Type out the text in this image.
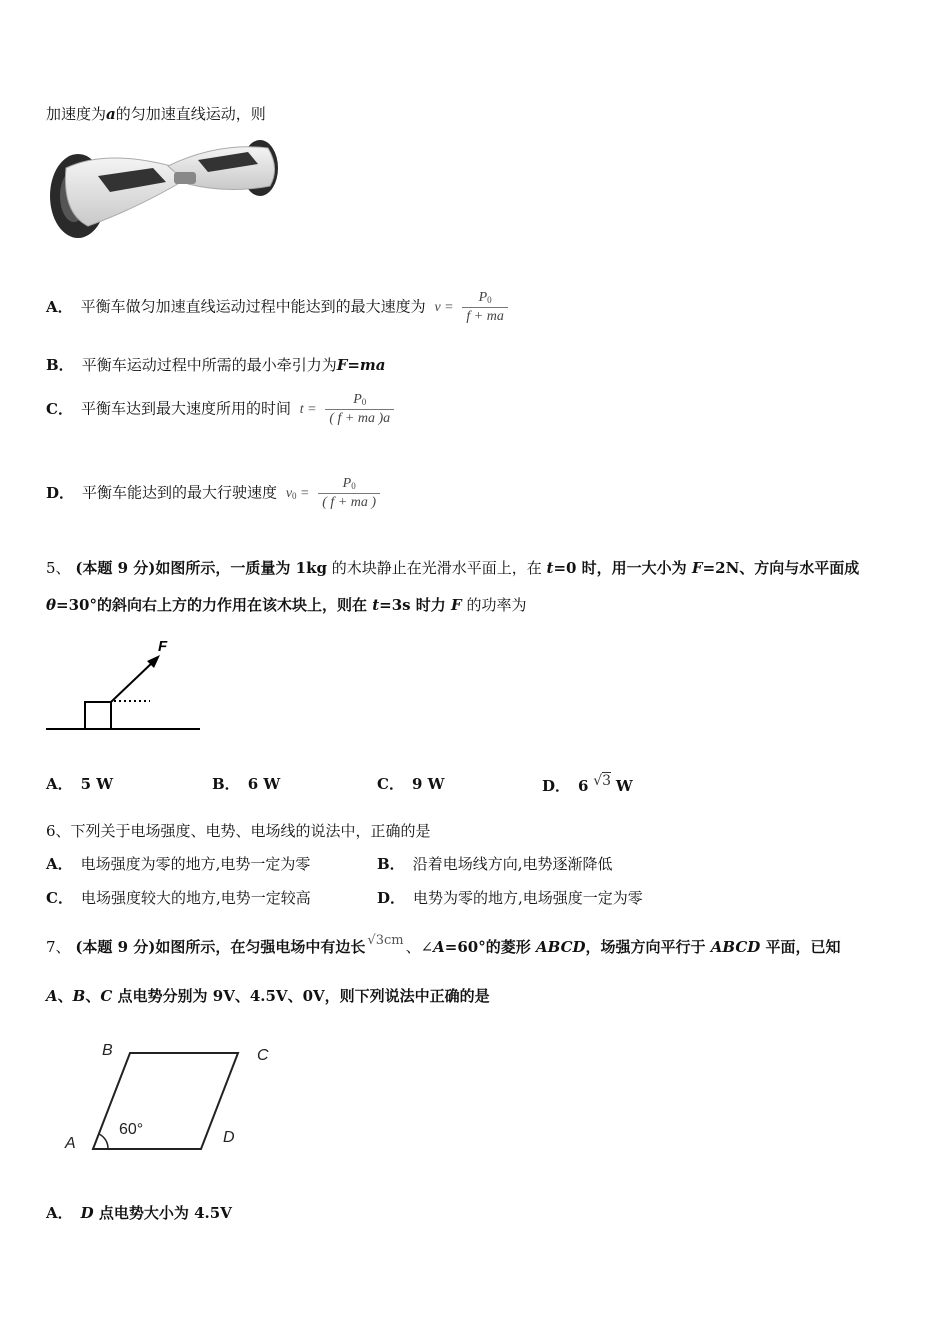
加速度为a的匀加速直线运动，则
A． 平衡车做匀加速直线运动过程中能达到的最大速度为 $v = \frac{P_0}{f + ma}$
B． 平衡车运动过程中所需的最小牵引力为F=ma
C． 平衡车达到最大速度所用的时间 $t = \frac{P_0}{( f + ma )a}$
D． 平衡车能达到的最大行驶速度 $v_0 = \frac{P_0}{( f + ma )}$
5、 (本题 9 分)如图所示，一质量为 1kg 的木块静止在光滑水平面上，在 t=0 时，用一大小为 F=2N、方向与水平面成
θ=30°的斜向右上方的力作用在该木块上，则在 t=3s 时力 F 的功率为
F
A． 5 W	B． 6 W	C． 9 W	D． 6 √3 W
6、下列关于电场强度、电势、电场线的说法中，正确的是
A． 电场强度为零的地方,电势一定为零	B． 沿着电场线方向,电势逐渐降低
C． 电场强度较大的地方,电势一定较高	D． 电势为零的地方,电场强度一定为零
7、 (本题 9 分)如图所示，在匀强电场中有边长 √3cm 、∠A=60°的菱形 ABCD，场强方向平行于 ABCD 平面，已知
A、B、C 点电势分别为 9V、4.5V、0V，则下列说法中正确的是
B	C
A	D
60°
A． D 点电势大小为 4.5V
